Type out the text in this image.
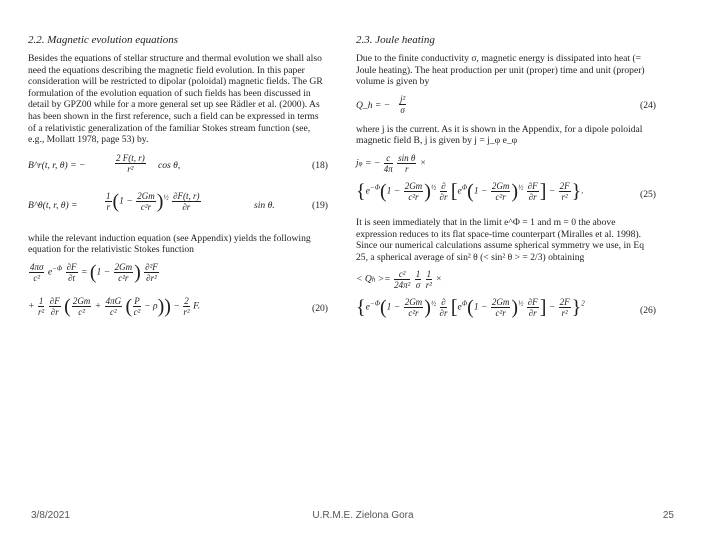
2.2. Magnetic evolution equations

Besides the equations of stellar structure and thermal evolution we shall also need the equations describing the magnetic field evolution. In this paper consideration will be restricted to dipolar (poloidal) magnetic fields. The GR formulation of the evolution equation of such fields has been discussed in detail by GPZ00 while for a more general set up see Rädler et al. (2000). As has been shown in the first reference, such a field can be expressed in terms of a relativistic generalization of the familiar Stokes stream function (see, e.g., Mollatt 1978, page 53) by.

B^r(t, r, θ) = −	$\frac{2 F(t, r)}{\text{r²}}$ cos θ,	(18)
B^θ(t, r, θ) =	$\frac{1}{r} (1 - \frac{2Gm}{\text{c²r}} )^{\frac{1}{2}} \frac{\partial F(t, r)}{\partial r}$	sin θ.	(19)

while the relevant induction equation (see Appendix) yields the following equation for the relativistic Stokes function

$\frac{4\pi\sigma}{\text{c²}} e^{-\Phi} \frac{\partial F}{\partial t} = (1 - \frac{2Gm}{\text{c²r}}$ ) $\frac{\text{∂²F}}{\text{∂r²}}$
+ $\frac{1}{\text{r²}}$
$\frac{\partial F}{\partial r}$ ( $\frac{2Gm}{\text{c²}} + \frac{4\pi G}{\text{c²}}$ ( $\frac{P}{\text{c²}} - \rho)) - \frac{2}{\text{r²}} F$.	(20)
2.3. Joule heating

Due to the finite conductivity σ, magnetic energy is dissipated into heat (= Joule heating). The heat production per unit (proper) time and unit (proper) volume is given by

Q_h = − $\frac{\text{j²}}{\sigma}$	(24)

where j is the current. As it is shown in the Appendix, for a dipole poloidal magnetic field B, j is given by j = j_φ e_φ

jφ = − $\frac{c}{4\pi}$
$\frac{\text{sin θ}}{r}$ ×
{$e^{-\Phi}(1 - \frac{2Gm}{\text{c²r}} )^{\frac{1}{2}} \frac{\partial}{\partial r} [e^\Phi(1 - \frac{2Gm}{\text{c²r}} )^{\frac{1}{2}} \frac{\partial F}{\partial r}$ ] − $\frac{2F}{\text{r²}}$ }.	(25)

It is seen immediately that in the limit e^Φ = 1 and m = 0 the above expression reduces to its flat space-time counterpart (Miralles et al. 1998). Since our numerical calculations assume spherical symmetry we use, in Eq 25, a spherical average of sin² θ (< sin² θ > = 2/3) obtaining

< $Qh >= \frac{\text{c²}}{\text{24π²}}$
$\frac{1}{\sigma}$
$\frac{1}{\text{r²}}$ ×
{$e^{-\Phi}(1 - \frac{2Gm}{\text{c²r}} )^{\frac{1}{2}} \frac{\partial}{\partial r} [e^\Phi(1 - \frac{2Gm}{\text{c²r}} )^{\frac{1}{2}} \frac{\partial F}{\partial r}$ ] − $\frac{2F}{\text{r²}} \}^2$
(26)
3/8/2021	U.R.M.E. Zielona Gora	25
